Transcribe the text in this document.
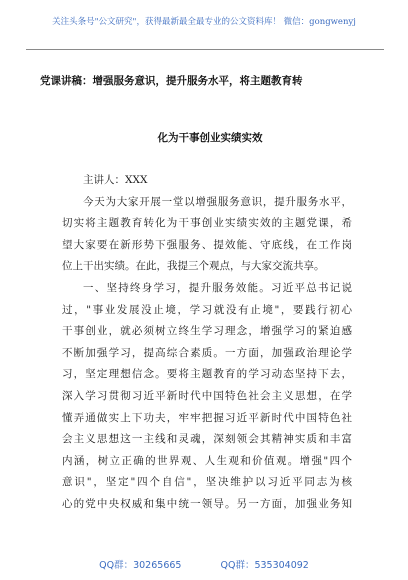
关注头条号"公文研究"，获得最新最全最专业的公文资料库！ 微信：gongwenyj
党课讲稿：增强服务意识，提升服务水平，将主题教育转
化为干事创业实绩实效
主讲人：XXX
今天为大家开展一堂以增强服务意识，提升服务水平，
切实将主题教育转化为干事创业实绩实效的主题党课，希
望大家要在新形势下强服务、提效能、守底线，在工作岗
位上干出实绩。在此，我提三个观点，与大家交流共享。
一、坚持终身学习，提升服务效能。习近平总书记说
过，"事业发展没止境，学习就没有止境"，要践行初心
干事创业，就必须树立终生学习理念，增强学习的紧迫感
不断加强学习，提高综合素质。一方面，加强政治理论学
习，坚定理想信念。要将主题教育的学习动态坚持下去，
深入学习贯彻习近平新时代中国特色社会主义思想，在学
懂弄通做实上下功夫，牢牢把握习近平新时代中国特色社
会主义思想这一主线和灵魂，深刻领会其精神实质和丰富
内涵，树立正确的世界观、人生观和价值观。增强"四个
意识"，坚定"四个自信"，坚决维护以习近平同志为核
心的党中央权威和集中统一领导。另一方面，加强业务知
QQ群：30265665	QQ群：535304092
